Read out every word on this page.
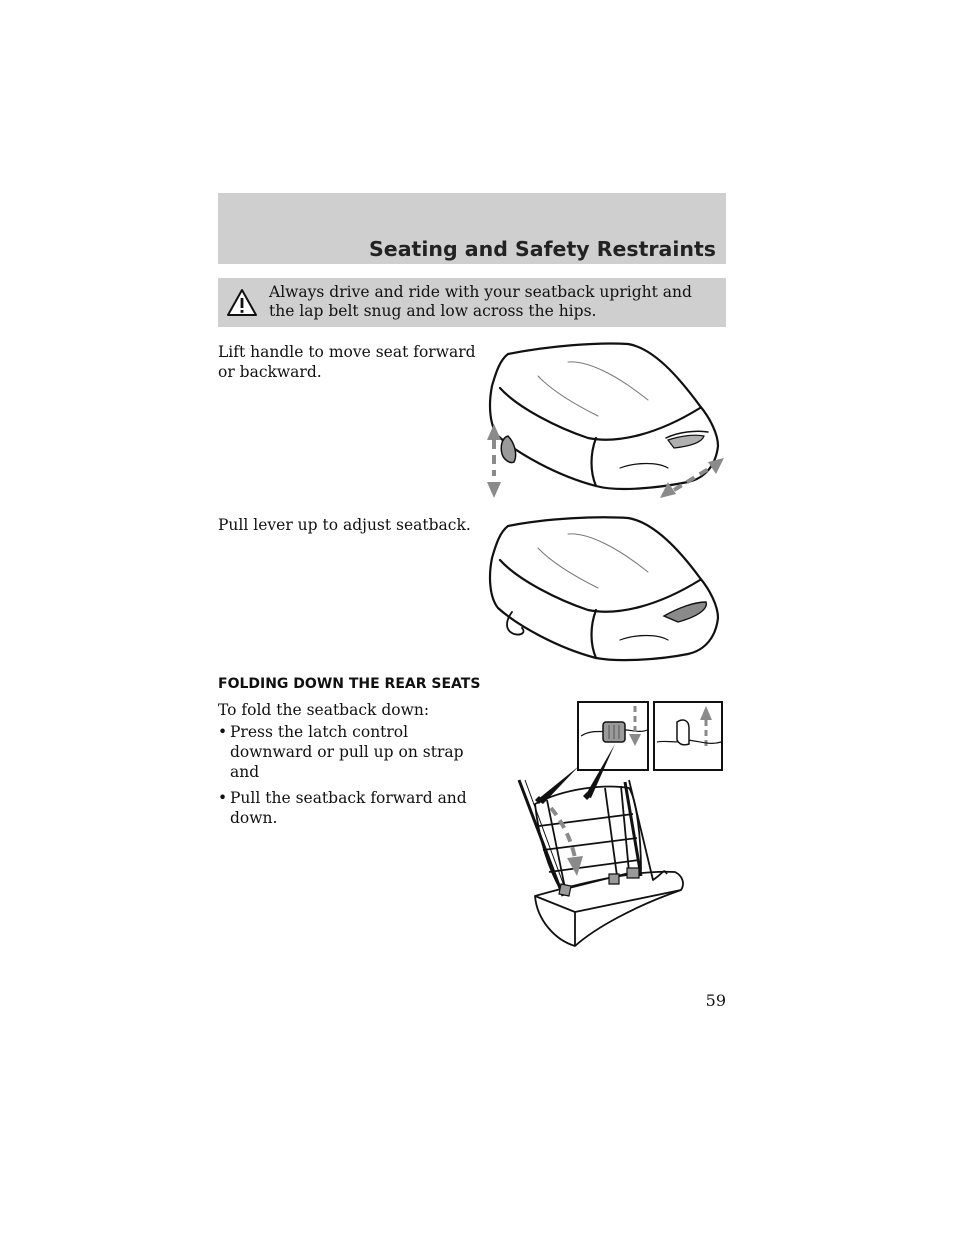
Seating and Safety Restraints
Always drive and ride with your seatback upright and the lap belt snug and low across the hips.
Lift handle to move seat forward or backward.
Pull lever up to adjust seatback.
FOLDING DOWN THE REAR SEATS
To fold the seatback down:
• Press the latch control downward or pull up on strap and
• Pull the seatback forward and down.
59
